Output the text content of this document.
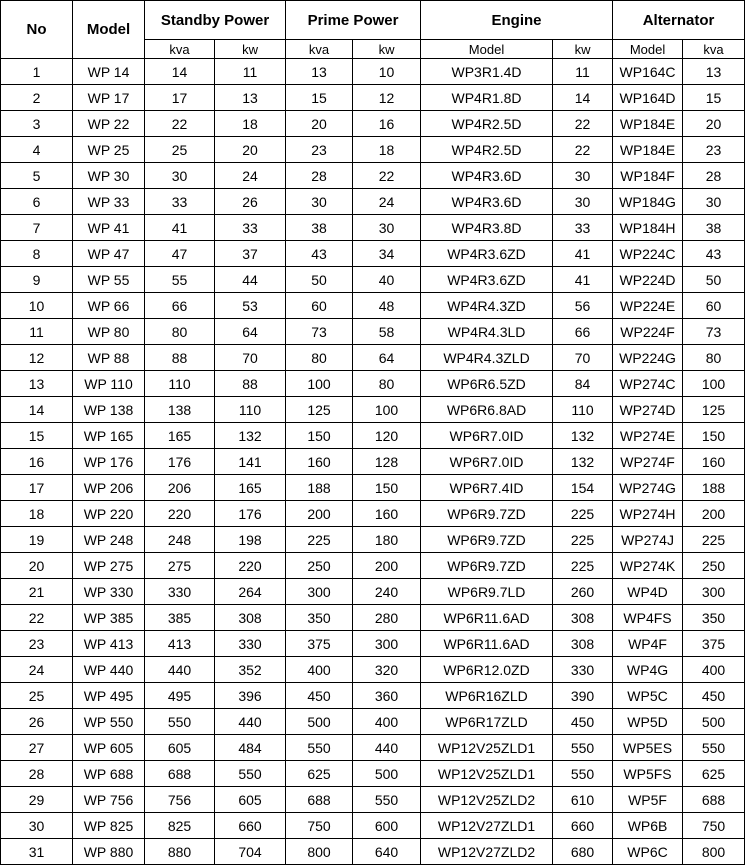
No	Model	Standby Power		Prime Power		Engine		Alternator	
		kva	kw	kva	kw	Model	kw	Model	kva
1	WP 14	14	11	13	10	WP3R1.4D	11	WP164C	13
2	WP 17	17	13	15	12	WP4R1.8D	14	WP164D	15
3	WP 22	22	18	20	16	WP4R2.5D	22	WP184E	20
4	WP 25	25	20	23	18	WP4R2.5D	22	WP184E	23
5	WP 30	30	24	28	22	WP4R3.6D	30	WP184F	28
6	WP 33	33	26	30	24	WP4R3.6D	30	WP184G	30
7	WP 41	41	33	38	30	WP4R3.8D	33	WP184H	38
8	WP 47	47	37	43	34	WP4R3.6ZD	41	WP224C	43
9	WP 55	55	44	50	40	WP4R3.6ZD	41	WP224D	50
10	WP 66	66	53	60	48	WP4R4.3ZD	56	WP224E	60
11	WP 80	80	64	73	58	WP4R4.3LD	66	WP224F	73
12	WP 88	88	70	80	64	WP4R4.3ZLD	70	WP224G	80
13	WP 110	110	88	100	80	WP6R6.5ZD	84	WP274C	100
14	WP 138	138	110	125	100	WP6R6.8AD	110	WP274D	125
15	WP 165	165	132	150	120	WP6R7.0ID	132	WP274E	150
16	WP 176	176	141	160	128	WP6R7.0ID	132	WP274F	160
17	WP 206	206	165	188	150	WP6R7.4ID	154	WP274G	188
18	WP 220	220	176	200	160	WP6R9.7ZD	225	WP274H	200
19	WP 248	248	198	225	180	WP6R9.7ZD	225	WP274J	225
20	WP 275	275	220	250	200	WP6R9.7ZD	225	WP274K	250
21	WP 330	330	264	300	240	WP6R9.7LD	260	WP4D	300
22	WP 385	385	308	350	280	WP6R11.6AD	308	WP4FS	350
23	WP 413	413	330	375	300	WP6R11.6AD	308	WP4F	375
24	WP 440	440	352	400	320	WP6R12.0ZD	330	WP4G	400
25	WP 495	495	396	450	360	WP6R16ZLD	390	WP5C	450
26	WP 550	550	440	500	400	WP6R17ZLD	450	WP5D	500
27	WP 605	605	484	550	440	WP12V25ZLD1	550	WP5ES	550
28	WP 688	688	550	625	500	WP12V25ZLD1	550	WP5FS	625
29	WP 756	756	605	688	550	WP12V25ZLD2	610	WP5F	688
30	WP 825	825	660	750	600	WP12V27ZLD1	660	WP6B	750
31	WP 880	880	704	800	640	WP12V27ZLD2	680	WP6C	800
